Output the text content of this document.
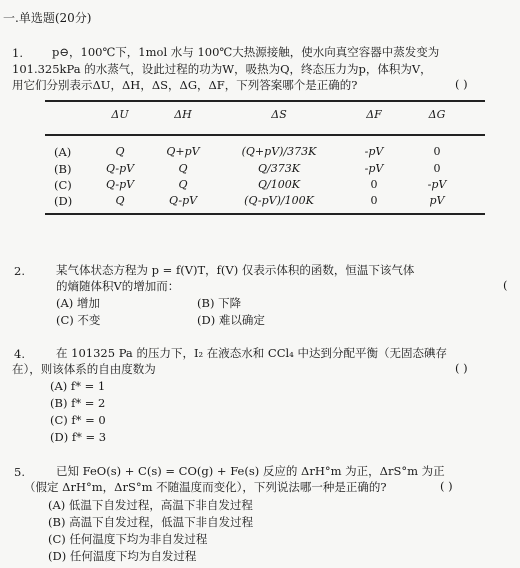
一.单选题(20分)
1.	p⊖，100℃下，1mol 水与 100℃大热源接触，使水向真空容器中蒸发变为
101.325kPa 的水蒸气，设此过程的功为W，吸热为Q，终态压力为p，体积为V，
用它们分别表示ΔU，ΔH，ΔS，ΔG，ΔF，下列答案哪个是正确的?	( )
ΔU	ΔH	ΔS	ΔF	ΔG
(A)	Q	Q+pV	(Q+pV)/373K	-pV	0
(B)	Q-pV	Q	Q/373K	-pV	0
(C)	Q-pV	Q	Q/100K	0	-pV
(D)	Q	Q-pV	(Q-pV)/100K	0	pV
2.	某气体状态方程为 p = f(V)T，f(V) 仅表示体积的函数，恒温下该气体
的熵随体积V的增加而：	(
(A) 增加	(B) 下降
(C) 不变	(D) 难以确定
4.	在 101325 Pa 的压力下，I₂ 在液态水和 CCl₄ 中达到分配平衡（无固态碘存
在），则该体系的自由度数为	( )
(A) f* = 1
(B) f* = 2
(C) f* = 0
(D) f* = 3
5.	已知 FeO(s) + C(s) = CO(g) + Fe(s) 反应的 ΔrH°m 为正，ΔrS°m 为正
（假定 ΔrH°m，ΔrS°m 不随温度而变化），下列说法哪一种是正确的?	( )
(A) 低温下自发过程，高温下非自发过程
(B) 高温下自发过程，低温下非自发过程
(C) 任何温度下均为非自发过程
(D) 任何温度下均为自发过程
